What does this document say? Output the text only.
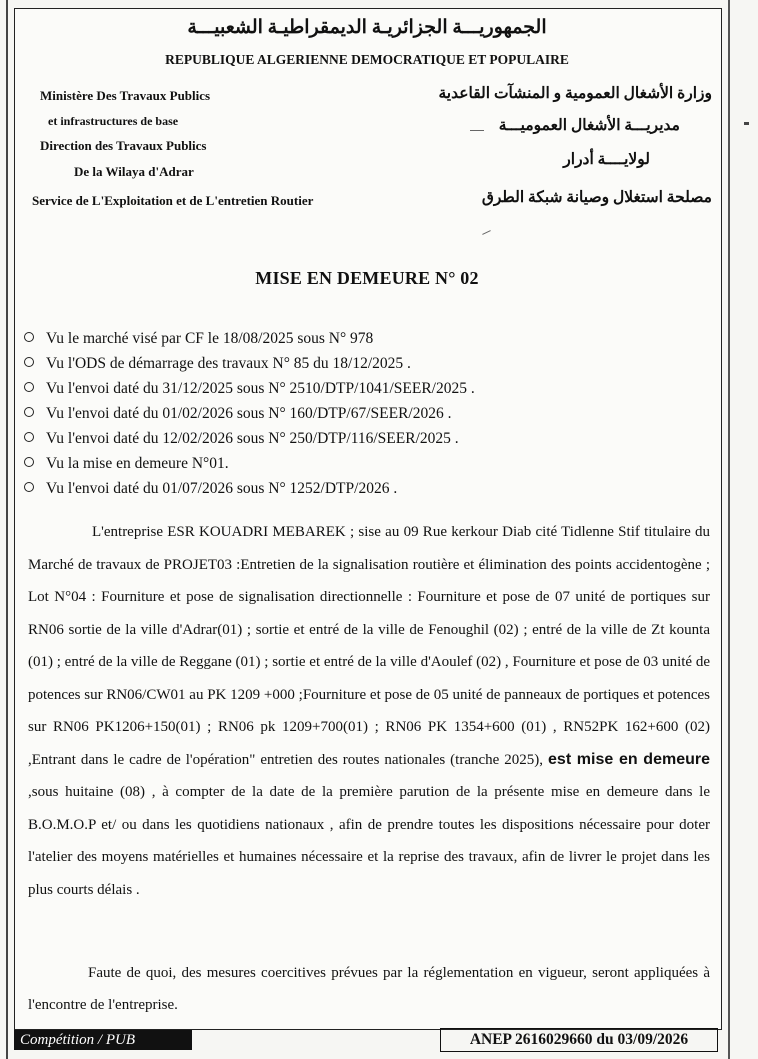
الجمهوريـــة الجزائريـة الديمقراطيـة الشعبيـــة
REPUBLIQUE ALGERIENNE DEMOCRATIQUE ET POPULAIRE
Ministère Des Travaux Publics
et infrastructures de base
Direction des Travaux Publics
De la Wilaya d'Adrar
Service de L'Exploitation et de L'entretien Routier
وزارة الأشغال العمومية و المنشآت القاعدية
مديريـــة الأشغال العموميـــة
لولايــــة أدرار
مصلحة استغلال وصيانة شبكة الطرق
MISE EN DEMEURE N° 02
Vu le marché visé par CF le 18/08/2025 sous N° 978
Vu l'ODS de démarrage des travaux N° 85 du 18/12/2025 .
Vu l'envoi daté du 31/12/2025 sous N° 2510/DTP/1041/SEER/2025 .
Vu l'envoi daté du 01/02/2026 sous N° 160/DTP/67/SEER/2026 .
Vu l'envoi daté du 12/02/2026 sous N° 250/DTP/116/SEER/2025 .
Vu la mise en demeure N°01.
Vu l'envoi daté du 01/07/2026 sous N° 1252/DTP/2026 .
L'entreprise ESR KOUADRI MEBAREK ; sise au 09 Rue kerkour Diab cité Tidlenne Stif titulaire du Marché de travaux de PROJET03 :Entretien de la signalisation routière et élimination des points accidentogène ; Lot N°04 : Fourniture et pose de signalisation directionnelle : Fourniture et pose de 07 unité de portiques sur RN06 sortie de la ville d'Adrar(01) ; sortie et entré de la ville de Fenoughil (02) ; entré de la ville de Zt kounta (01) ; entré de la ville de Reggane (01) ; sortie et entré de la ville d'Aoulef (02) , Fourniture et pose de 03 unité de potences sur RN06/CW01 au PK 1209 +000 ;Fourniture et pose de 05 unité de panneaux de portiques et potences sur RN06 PK1206+150(01) ; RN06 pk 1209+700(01) ; RN06 PK 1354+600 (01) , RN52PK 162+600 (02) ,Entrant dans le cadre de l'opération" entretien des routes nationales (tranche 2025), est mise en demeure ,sous huitaine (08) , à compter de la date de la première parution de la présente mise en demeure dans le B.O.M.O.P et/ ou dans les quotidiens nationaux , afin de prendre toutes les dispositions nécessaire pour doter l'atelier des moyens matérielles et humaines nécessaire et la reprise des travaux, afin de livrer le projet dans les plus courts délais .
Faute de quoi, des mesures coercitives prévues par la réglementation en vigueur, seront appliquées à l'encontre de l'entreprise.
Compétition / PUB	ANEP 2616029660 du 03/09/2026
